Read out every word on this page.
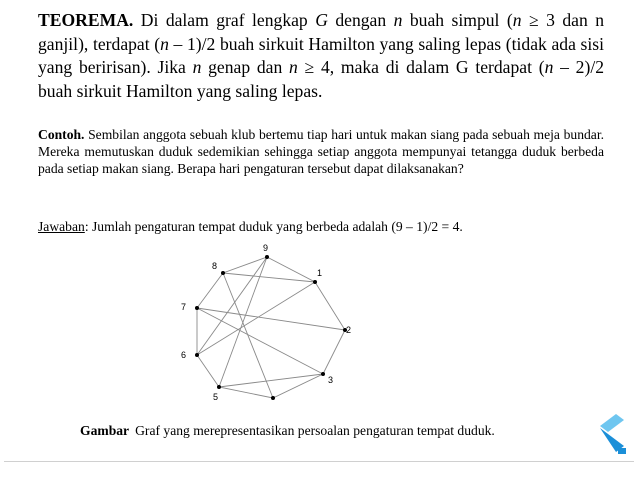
TEOREMA. Di dalam graf lengkap G dengan n buah simpul (n ≥ 3 dan n ganjil), terdapat (n – 1)/2 buah sirkuit Hamilton yang saling lepas (tidak ada sisi yang beririsan). Jika n genap dan n ≥ 4, maka di dalam G terdapat (n – 2)/2 buah sirkuit Hamilton yang saling lepas.
Contoh. Sembilan anggota sebuah klub bertemu tiap hari untuk makan siang pada sebuah meja bundar. Mereka memutuskan duduk sedemikian sehingga setiap anggota mempunyai tetangga duduk berbeda pada setiap makan siang. Berapa hari pengaturan tersebut dapat dilaksanakan?
Jawaban: Jumlah pengaturan tempat duduk yang berbeda adalah (9 – 1)/2 = 4.
1
2
3
5
6
7
8
9
Gambar Graf yang merepresentasikan persoalan pengaturan tempat duduk.
